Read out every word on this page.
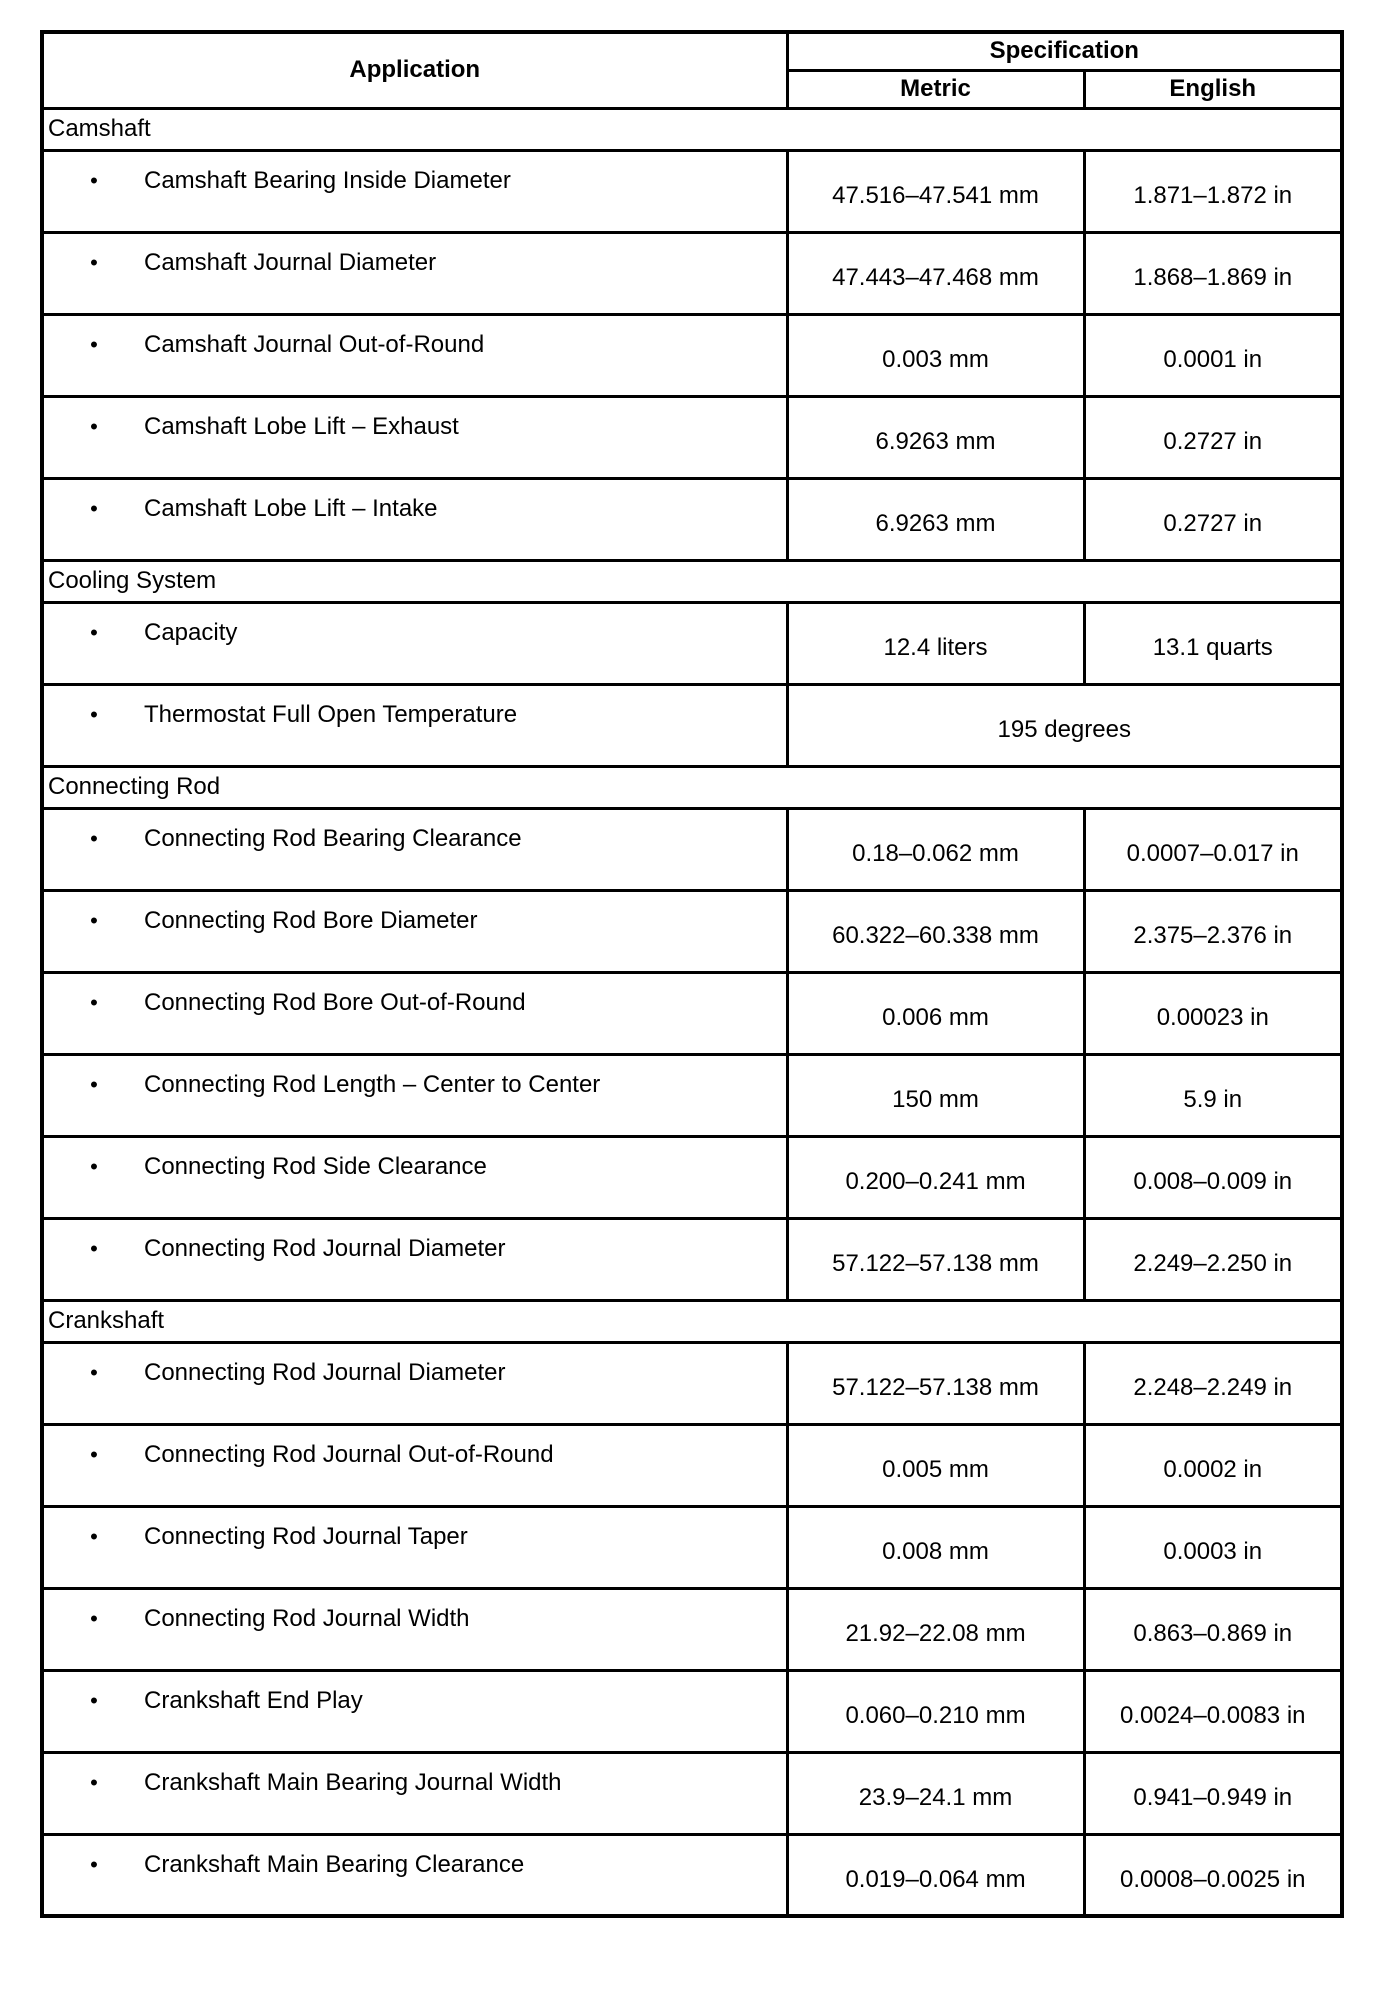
Application	Specification	
	Metric	English
Camshaft		
• Camshaft Bearing Inside Diameter	47.516–47.541 mm	1.871–1.872 in
• Camshaft Journal Diameter	47.443–47.468 mm	1.868–1.869 in
• Camshaft Journal Out-of-Round	0.003 mm	0.0001 in
• Camshaft Lobe Lift – Exhaust	6.9263 mm	0.2727 in
• Camshaft Lobe Lift – Intake	6.9263 mm	0.2727 in
Cooling System		
• Capacity	12.4 liters	13.1 quarts
• Thermostat Full Open Temperature	195 degrees	
Connecting Rod		
• Connecting Rod Bearing Clearance	0.18–0.062 mm	0.0007–0.017 in
• Connecting Rod Bore Diameter	60.322–60.338 mm	2.375–2.376 in
• Connecting Rod Bore Out-of-Round	0.006 mm	0.00023 in
• Connecting Rod Length – Center to Center	150 mm	5.9 in
• Connecting Rod Side Clearance	0.200–0.241 mm	0.008–0.009 in
• Connecting Rod Journal Diameter	57.122–57.138 mm	2.249–2.250 in
Crankshaft		
• Connecting Rod Journal Diameter	57.122–57.138 mm	2.248–2.249 in
• Connecting Rod Journal Out-of-Round	0.005 mm	0.0002 in
• Connecting Rod Journal Taper	0.008 mm	0.0003 in
• Connecting Rod Journal Width	21.92–22.08 mm	0.863–0.869 in
• Crankshaft End Play	0.060–0.210 mm	0.0024–0.0083 in
• Crankshaft Main Bearing Journal Width	23.9–24.1 mm	0.941–0.949 in
• Crankshaft Main Bearing Clearance	0.019–0.064 mm	0.0008–0.0025 in
